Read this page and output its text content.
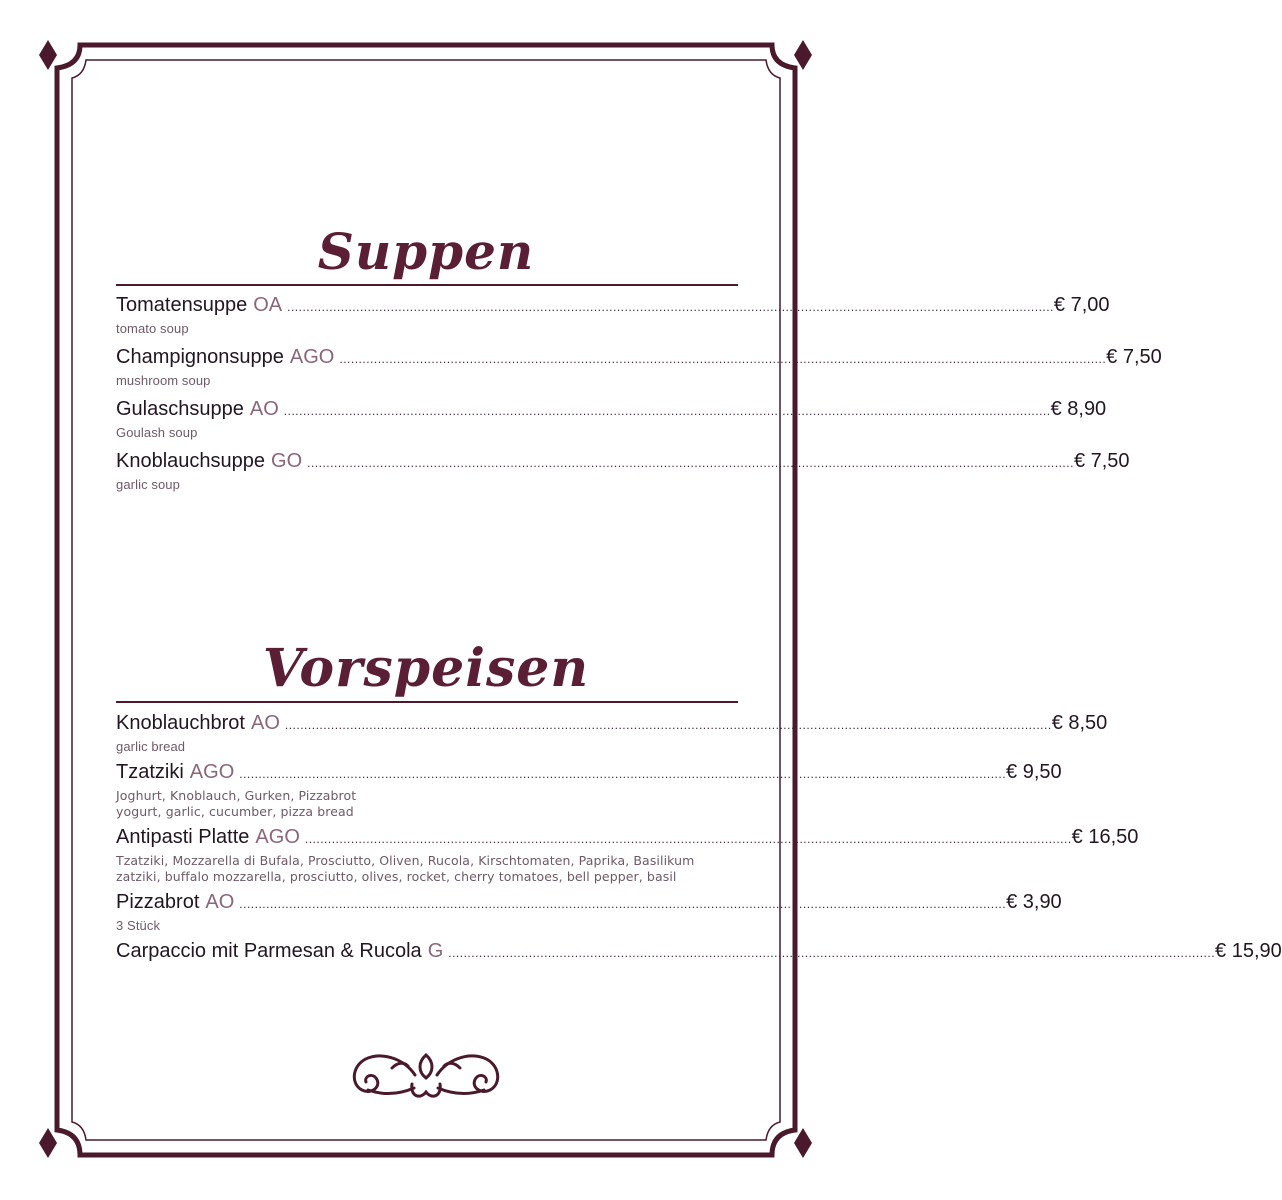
Suppen
Tomatensuppe OA ........................................................................................................................................................................................................ € 7,00
tomato soup
Champignonsuppe AGO ........................................................................................................................................................................................................ € 7,50
mushroom soup
Gulaschsuppe AO ........................................................................................................................................................................................................ € 8,90
Goulash soup
Knoblauchsuppe GO ........................................................................................................................................................................................................ € 7,50
garlic soup
Vorspeisen
Knoblauchbrot AO ........................................................................................................................................................................................................ € 8,50
garlic bread
Tzatziki AGO ........................................................................................................................................................................................................ € 9,50
Joghurt, Knoblauch, Gurken, Pizzabrot
yogurt, garlic, cucumber, pizza bread
Antipasti Platte AGO ........................................................................................................................................................................................................ € 16,50
Tzatziki, Mozzarella di Bufala, Prosciutto, Oliven, Rucola, Kirschtomaten, Paprika, Basilikum
zatziki, buffalo mozzarella, prosciutto, olives, rocket, cherry tomatoes, bell pepper, basil
Pizzabrot AO ........................................................................................................................................................................................................ € 3,90
3 Stück
Carpaccio mit Parmesan & Rucola G ........................................................................................................................................................................................................ € 15,90
